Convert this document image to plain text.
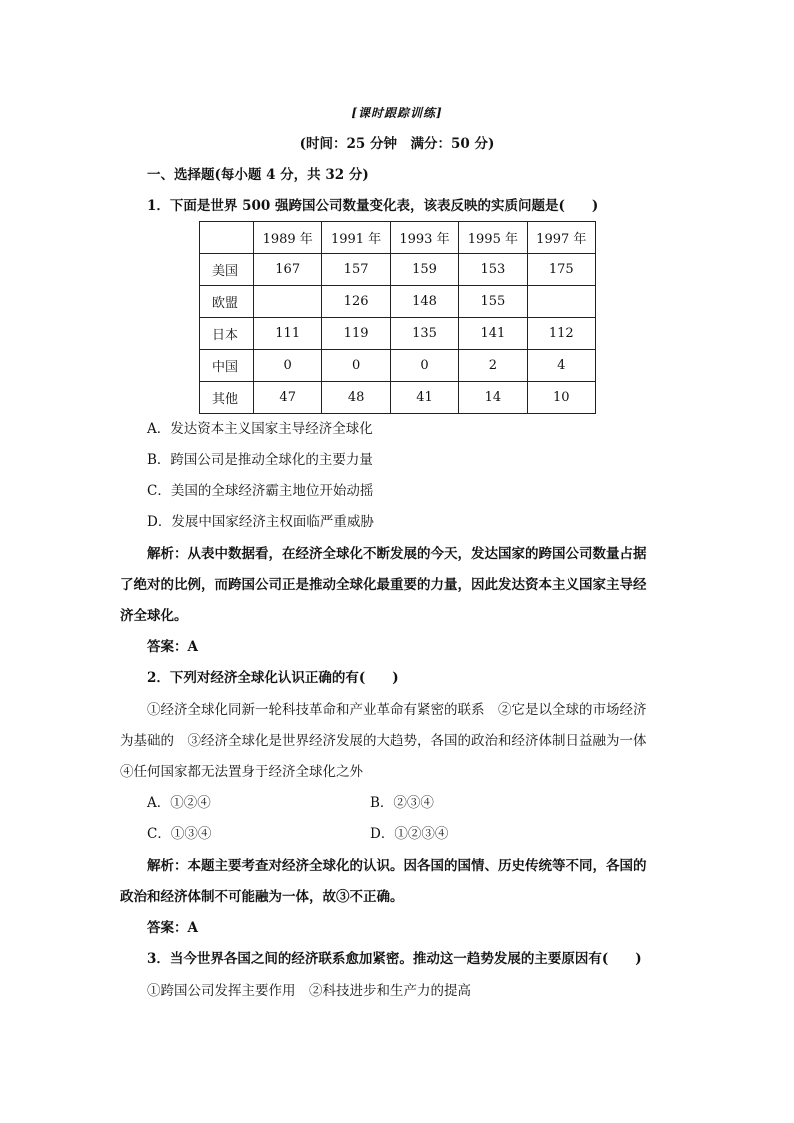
[课时跟踪训练]
(时间：25 分钟　满分：50 分)
一、选择题(每小题 4 分，共 32 分)
1．下面是世界 500 强跨国公司数量变化表，该表反映的实质问题是(　　)
	1989 年	1991 年	1993 年	1995 年	1997 年
美国	167	157	159	153	175
欧盟		126	148	155	
日本	111	119	135	141	112
中国	0	0	0	2	4
其他	47	48	41	14	10
A．发达资本主义国家主导经济全球化
B．跨国公司是推动全球化的主要力量
C．美国的全球经济霸主地位开始动摇
D．发展中国家经济主权面临严重威胁
解析：从表中数据看，在经济全球化不断发展的今天，发达国家的跨国公司数量占据
了绝对的比例，而跨国公司正是推动全球化最重要的力量，因此发达资本主义国家主导经
济全球化。
答案：A
2．下列对经济全球化认识正确的有(　　)
①经济全球化同新一轮科技革命和产业革命有紧密的联系　②它是以全球的市场经济
为基础的　③经济全球化是世界经济发展的大趋势，各国的政治和经济体制日益融为一体
④任何国家都无法置身于经济全球化之外
A．①②④	B．②③④
C．①③④	D．①②③④
解析：本题主要考查对经济全球化的认识。因各国的国情、历史传统等不同，各国的
政治和经济体制不可能融为一体，故③不正确。
答案：A
3．当今世界各国之间的经济联系愈加紧密。推动这一趋势发展的主要原因有(　　)
①跨国公司发挥主要作用　②科技进步和生产力的提高
